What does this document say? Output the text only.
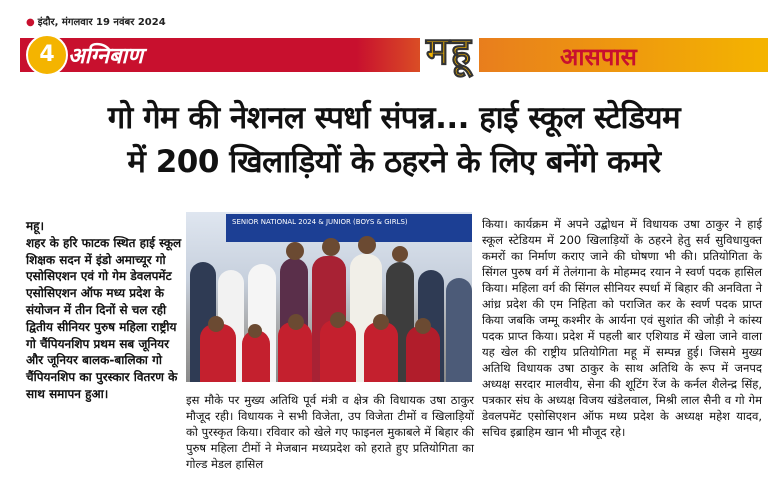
● इंदौर, मंगलवार 19 नवंबर 2024
4 अग्निबाण	महू	आसपास
गो गेम की नेशनल स्पर्धा संपन्न... हाई स्कूल स्टेडियम
में 200 खिलाड़ियों के ठहरने के लिए बनेंगे कमरे

महू।

शहर के हरि फाटक स्थित हाई स्कूल शिक्षक सदन में इंडो अमाच्यूर गो एसोसिएशन एवं गो गेम डेवलपमेंट एसोसिएशन ऑफ मध्य प्रदेश के संयोजन में तीन दिनों से चल रही द्वितीय सीनियर पुरुष महिला राष्ट्रीय गो चैंपियनशिप प्रथम सब जूनियर और जूनियर बालक-बालिका गो चैंपियनशिप का पुरस्कार वितरण के साथ समापन हुआ।

SENIOR NATIONAL 2024 & JUNIOR (BOYS & GIRLS)

इस मौके पर मुख्य अतिथि पूर्व मंत्री व क्षेत्र की विधायक उषा ठाकुर मौजूद रही। विधायक ने सभी विजेता, उप विजेता टीमों व खिलाड़ियों को पुरस्कृत किया। रविवार को खेले गए फाइनल मुकाबले में बिहार की पुरुष महिला टीमों ने मेजबान मध्यप्रदेश को हराते हुए प्रतियोगिता का गोल्ड मेडल हासिल

किया। कार्यक्रम में अपने उद्बोधन में विधायक उषा ठाकुर ने हाई स्कूल स्टेडियम में 200 खिलाड़ियों के ठहरने हेतु सर्व सुविधायुक्त कमरों का निर्माण कराए जाने की घोषणा भी की। प्रतियोगिता के सिंगल पुरुष वर्ग में तेलंगाना के मोहम्मद रयान ने स्वर्ण पदक हासिल किया। महिला वर्ग की सिंगल सीनियर स्पर्धा में बिहार की अनविता ने आंध्र प्रदेश की एम निहिता को पराजित कर के स्वर्ण पदक प्राप्त किया जबकि जम्मू कश्मीर के आर्यना एवं सुशांत की जोड़ी ने कांस्य पदक प्राप्त किया। प्रदेश में पहली बार एशियाड में खेला जाने वाला यह खेल की राष्ट्रीय प्रतियोगिता महू में सम्पन्न हुई। जिसमे मुख्य अतिथि विधायक उषा ठाकुर के साथ अतिथि के रूप में जनपद अध्यक्ष सरदार मालवीय, सेना की शूटिंग रेंज के कर्नल शैलेन्द्र सिंह, पत्रकार संघ के अध्यक्ष विजय खंडेलवाल, मिश्री लाल सैनी व गो गेम डेवलपमेंट एसोसिएशन ऑफ मध्य प्रदेश के अध्यक्ष महेश यादव, सचिव इब्राहिम खान भी मौजूद रहे।
